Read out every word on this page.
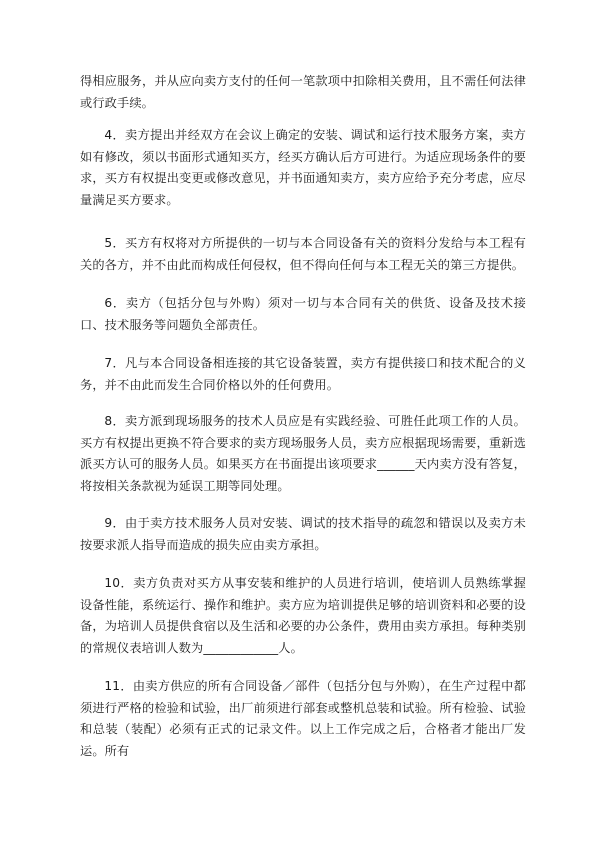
得相应服务，并从应向卖方支付的任何一笔款项中扣除相关费用，且不需任何法律或行政手续。

4．卖方提出并经双方在会议上确定的安装、调试和运行技术服务方案，卖方如有修改，须以书面形式通知买方，经买方确认后方可进行。为适应现场条件的要求，买方有权提出变更或修改意见，并书面通知卖方，卖方应给予充分考虑，应尽量满足买方要求。

5．买方有权将对方所提供的一切与本合同设备有关的资料分发给与本工程有关的各方，并不由此而构成任何侵权，但不得向任何与本工程无关的第三方提供。

6．卖方（包括分包与外购）须对一切与本合同有关的供货、设备及技术接口、技术服务等问题负全部责任。

7．凡与本合同设备相连接的其它设备装置，卖方有提供接口和技术配合的义务，并不由此而发生合同价格以外的任何费用。

8．卖方派到现场服务的技术人员应是有实践经验、可胜任此项工作的人员。买方有权提出更换不符合要求的卖方现场服务人员，卖方应根据现场需要，重新选派买方认可的服务人员。如果买方在书面提出该项要求______天内卖方没有答复，将按相关条款视为延误工期等同处理。

9．由于卖方技术服务人员对安装、调试的技术指导的疏忽和错误以及卖方未按要求派人指导而造成的损失应由卖方承担。

10．卖方负责对买方从事安装和维护的人员进行培训，使培训人员熟练掌握设备性能，系统运行、操作和维护。卖方应为培训提供足够的培训资料和必要的设备，为培训人员提供食宿以及生活和必要的办公条件，费用由卖方承担。每种类别的常规仪表培训人数为____________人。

11．由卖方供应的所有合同设备／部件（包括分包与外购），在生产过程中都须进行严格的检验和试验，出厂前须进行部套或整机总装和试验。所有检验、试验和总装（装配）必须有正式的记录文件。以上工作完成之后，合格者才能出厂发运。所有
